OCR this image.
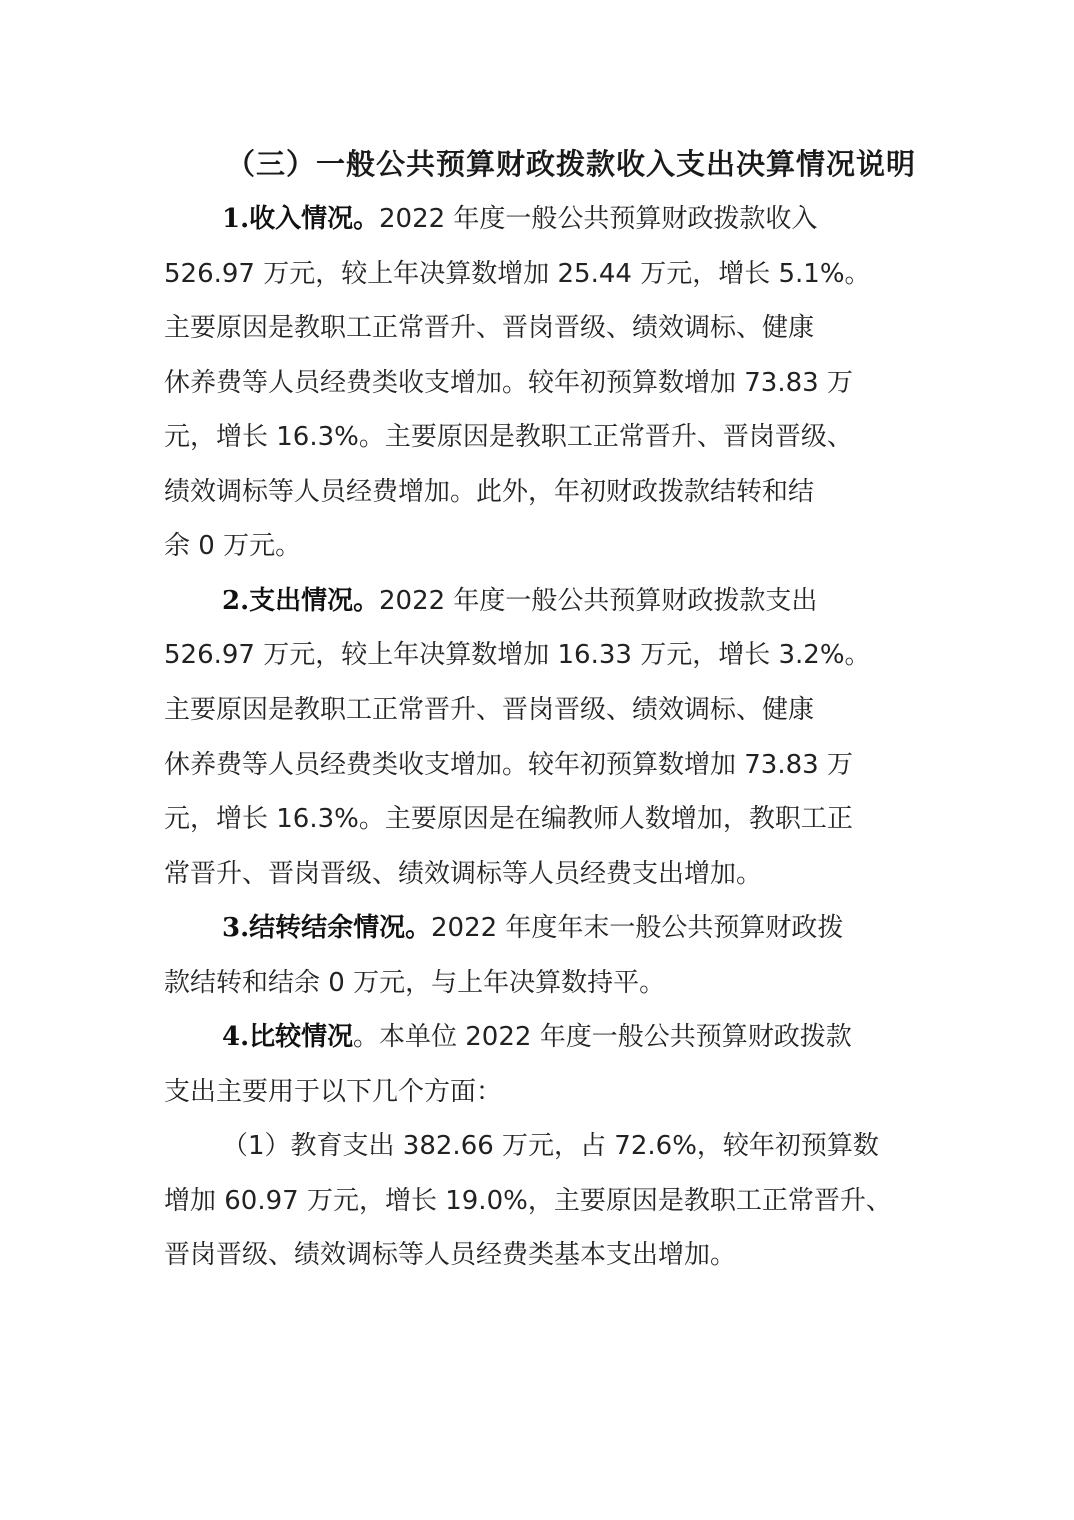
（三）一般公共预算财政拨款收入支出决算情况说明
1.收入情况。 2022 年度一般公共预算财政拨款收入
526.97 万元，较上年决算数增加 25.44 万元，增长 5.1%。
主要原因是教职工正常晋升、晋岗晋级、绩效调标、健康
休养费等人员经费类收支增加。较年初预算数增加 73.83 万
元，增长 16.3%。主要原因是教职工正常晋升、晋岗晋级、
绩效调标等人员经费增加。此外，年初财政拨款结转和结
余 0 万元。
2.支出情况。 2022 年度一般公共预算财政拨款支出
526.97 万元，较上年决算数增加 16.33 万元，增长 3.2%。
主要原因是教职工正常晋升、晋岗晋级、绩效调标、健康
休养费等人员经费类收支增加。较年初预算数增加 73.83 万
元，增长 16.3%。主要原因是在编教师人数增加，教职工正
常晋升、晋岗晋级、绩效调标等人员经费支出增加。
3.结转结余情况。 2022 年度年末一般公共预算财政拨
款结转和结余 0 万元，与上年决算数持平。
4.比较情况 。本单位 2022 年度一般公共预算财政拨款
支出主要用于以下几个方面：
（1）教育支出 382.66 万元，占 72.6%，较年初预算数
增加 60.97 万元，增长 19.0%，主要原因是教职工正常晋升、
晋岗晋级、绩效调标等人员经费类基本支出增加。
